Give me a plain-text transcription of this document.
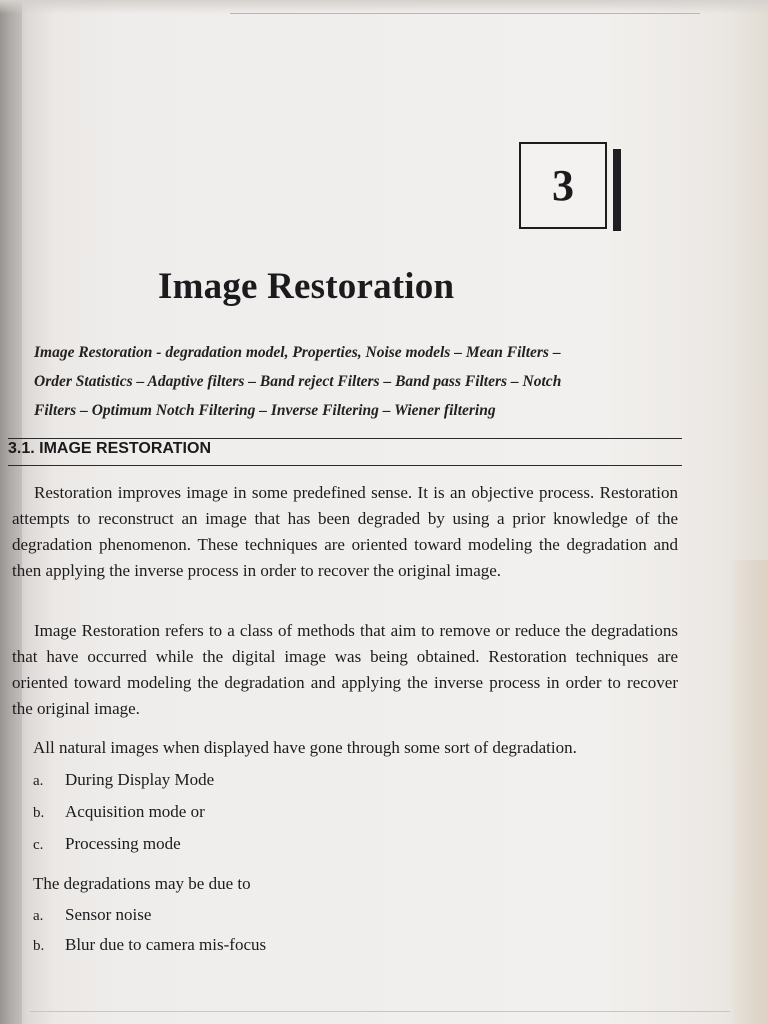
3
Image Restoration
Image Restoration - degradation model, Properties, Noise models – Mean Filters –
Order Statistics – Adaptive filters – Band reject Filters – Band pass Filters – Notch
Filters – Optimum Notch Filtering – Inverse Filtering – Wiener filtering
3.1. IMAGE RESTORATION

Restoration improves image in some predefined sense. It is an objective process. Restoration attempts to reconstruct an image that has been degraded by using a prior knowledge of the degradation phenomenon. These techniques are oriented toward modeling the degradation and then applying the inverse process in order to recover the original image.

Image Restoration refers to a class of methods that aim to remove or reduce the degradations that have occurred while the digital image was being obtained. Restoration techniques are oriented toward modeling the degradation and applying the inverse process in order to recover the original image.

All natural images when displayed have gone through some sort of degradation.
a. During Display Mode
b. Acquisition mode or
c. Processing mode
The degradations may be due to
a. Sensor noise
b. Blur due to camera mis-focus
